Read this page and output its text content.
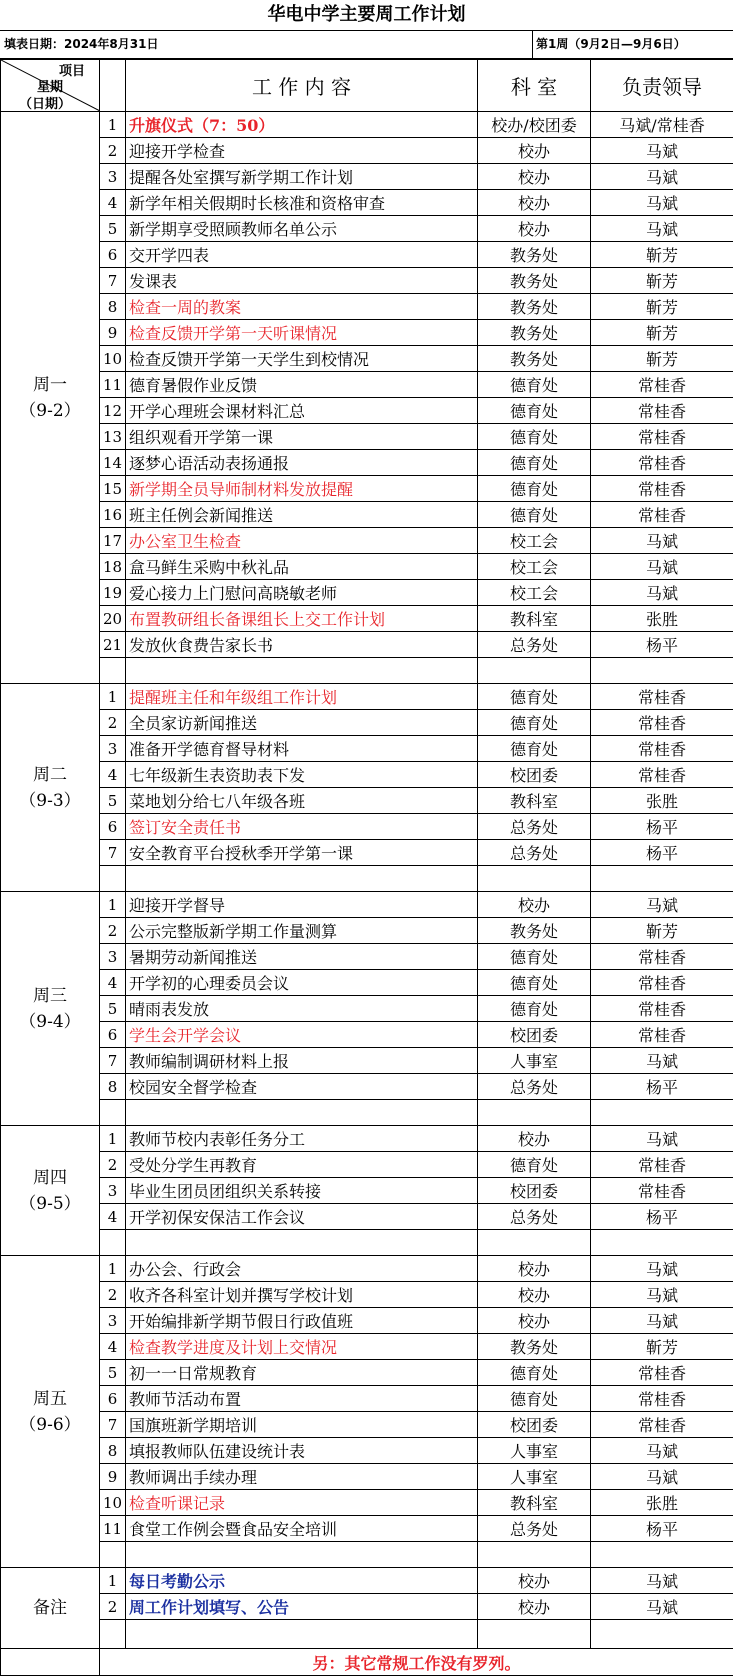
华电中学主要周工作计划
填表日期：2024年8月31日	第1周（9月2日—9月6日）
项目
星期
（日期）		工 作 内 容	科 室	负责领导

周一
（9-2）	1	升旗仪式（7：50）	校办/校团委	马斌/常桂香
	2	迎接开学检查	校办	马斌
	3	提醒各处室撰写新学期工作计划	校办	马斌
	4	新学年相关假期时长核准和资格审查	校办	马斌
	5	新学期享受照顾教师名单公示	校办	马斌
	6	交开学四表	教务处	靳芳
	7	发课表	教务处	靳芳
	8	检查一周的教案	教务处	靳芳
	9	检查反馈开学第一天听课情况	教务处	靳芳
	10	检查反馈开学第一天学生到校情况	教务处	靳芳
	11	德育暑假作业反馈	德育处	常桂香
	12	开学心理班会课材料汇总	德育处	常桂香
	13	组织观看开学第一课	德育处	常桂香
	14	逐梦心语活动表扬通报	德育处	常桂香
	15	新学期全员导师制材料发放提醒	德育处	常桂香
	16	班主任例会新闻推送	德育处	常桂香
	17	办公室卫生检查	校工会	马斌
	18	盒马鲜生采购中秋礼品	校工会	马斌
	19	爱心接力上门慰问高晓敏老师	校工会	马斌
	20	布置教研组长备课组长上交工作计划	教科室	张胜
	21	发放伙食费告家长书	总务处	杨平

周二
（9-3）	1	提醒班主任和年级组工作计划	德育处	常桂香
	2	全员家访新闻推送	德育处	常桂香
	3	准备开学德育督导材料	德育处	常桂香
	4	七年级新生表资助表下发	校团委	常桂香
	5	菜地划分给七八年级各班	教科室	张胜
	6	签订安全责任书	总务处	杨平
	7	安全教育平台授秋季开学第一课	总务处	杨平

周三
（9-4）	1	迎接开学督导	校办	马斌
	2	公示完整版新学期工作量测算	教务处	靳芳
	3	暑期劳动新闻推送	德育处	常桂香
	4	开学初的心理委员会议	德育处	常桂香
	5	晴雨表发放	德育处	常桂香
	6	学生会开学会议	校团委	常桂香
	7	教师编制调研材料上报	人事室	马斌
	8	校园安全督学检查	总务处	杨平

周四
（9-5）	1	教师节校内表彰任务分工	校办	马斌
	2	受处分学生再教育	德育处	常桂香
	3	毕业生团员团组织关系转接	校团委	常桂香
	4	开学初保安保洁工作会议	总务处	杨平

周五
（9-6）	1	办公会、行政会	校办	马斌
	2	收齐各科室计划并撰写学校计划	校办	马斌
	3	开始编排新学期节假日行政值班	校办	马斌
	4	检查教学进度及计划上交情况	教务处	靳芳
	5	初一一日常规教育	德育处	常桂香
	6	教师节活动布置	德育处	常桂香
	7	国旗班新学期培训	校团委	常桂香
	8	填报教师队伍建设统计表	人事室	马斌
	9	教师调出手续办理	人事室	马斌
	10	检查听课记录	教科室	张胜
	11	食堂工作例会暨食品安全培训	总务处	杨平

备注	1	每日考勤公示	校办	马斌
	2	周工作计划填写、公告	校办	马斌

	另：其它常规工作没有罗列。			
